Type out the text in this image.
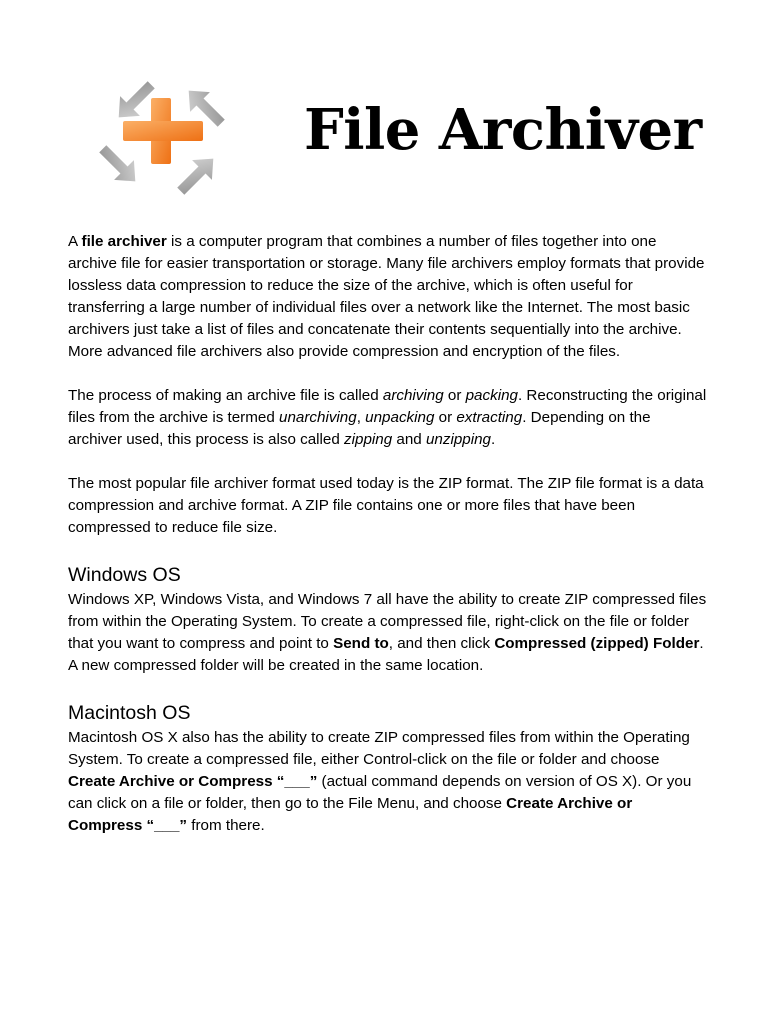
File Archiver

A file archiver is a computer program that combines a number of files together into one archive file for easier transportation or storage. Many file archivers employ formats that provide lossless data compression to reduce the size of the archive, which is often useful for transferring a large number of individual files over a network like the Internet. The most basic archivers just take a list of files and concatenate their contents sequentially into the archive. More advanced file archivers also provide compression and encryption of the files.

The process of making an archive file is called archiving or packing. Reconstructing the original files from the archive is termed unarchiving, unpacking or extracting. Depending on the archiver used, this process is also called zipping and unzipping.

The most popular file archiver format used today is the ZIP format. The ZIP file format is a data compression and archive format. A ZIP file contains one or more files that have been compressed to reduce file size.

Windows OS

Windows XP, Windows Vista, and Windows 7 all have the ability to create ZIP compressed files from within the Operating System. To create a compressed file, right-click on the file or folder that you want to compress and point to Send to, and then click Compressed (zipped) Folder. A new compressed folder will be created in the same location.

Macintosh OS

Macintosh OS X also has the ability to create ZIP compressed files from within the Operating System. To create a compressed file, either Control-click on the file or folder and choose Create Archive or Compress “___” (actual command depends on version of OS X). Or you can click on a file or folder, then go to the File Menu, and choose Create Archive or Compress “___” from there.
